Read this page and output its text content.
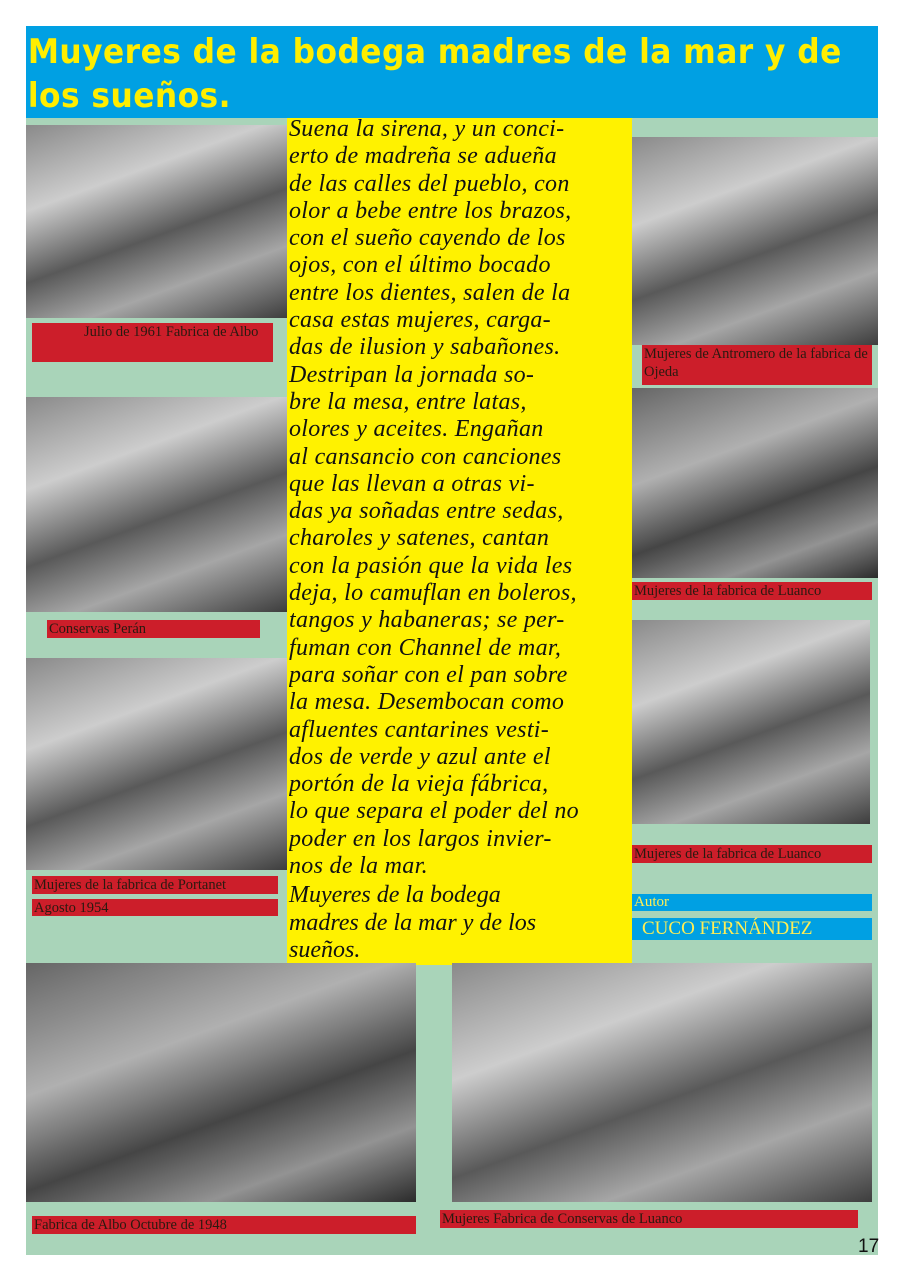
Muyeres de la bodega madres de la mar y de los sueños.
Suena la sirena, y un conci-
erto de madreña se adueña
de las calles del pueblo, con
olor a bebe entre los brazos,
con el sueño cayendo de los
ojos, con el último bocado
entre los dientes, salen de la
casa estas mujeres, carga-
das de ilusion y sabañones.
Destripan la jornada so-
bre la mesa, entre latas,
olores y aceites. Engañan
al cansancio con canciones
que las llevan a otras vi-
das ya soñadas entre sedas,
charoles y satenes, cantan
con la pasión que la vida les
deja, lo camuflan en boleros,
tangos y habaneras; se per-
fuman con Channel de mar,
para soñar con el pan sobre
la mesa. Desembocan como
afluentes cantarines vesti-
dos de verde y azul ante el
portón de la vieja fábrica,
lo que separa el poder del no
poder en los largos invier-
nos de la mar.
Muyeres de la bodega
madres de la mar y de los
sueños.
Julio de 1961 Fabrica de Albo
Conservas Perán
Mujeres de la fabrica de Portanet
Agosto 1954
Mujeres de Antromero de la fabrica de Ojeda
Mujeres de la fabrica de Luanco
Mujeres de la fabrica de Luanco
Fabrica de Albo Octubre de 1948	Mujeres Fabrica de Conservas de Luanco
Autor
CUCO FERNÁNDEZ
17
